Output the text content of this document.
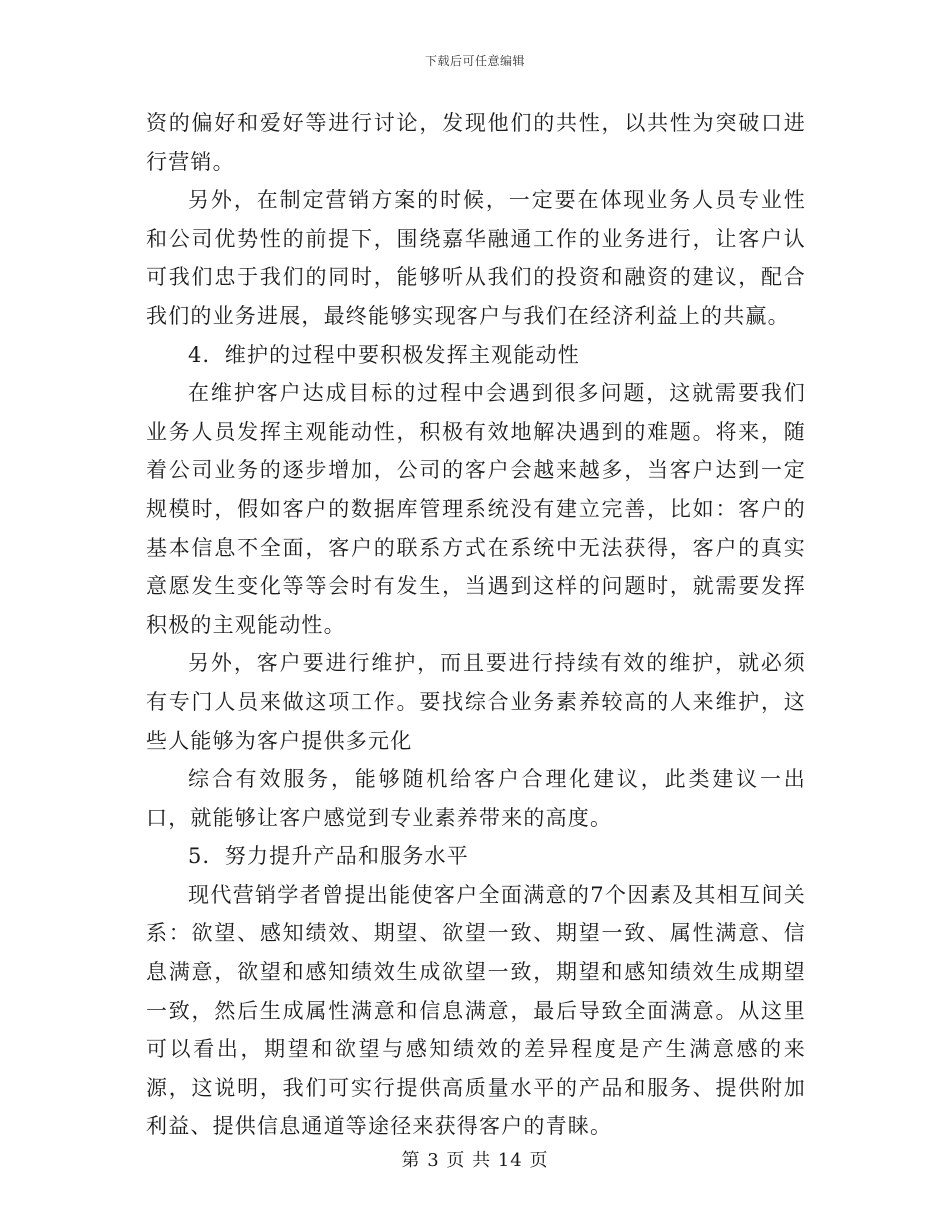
下载后可任意编辑

资的偏好和爱好等进行讨论，发现他们的共性，以共性为突破口进行营销。

另外，在制定营销方案的时候，一定要在体现业务人员专业性和公司优势性的前提下，围绕嘉华融通工作的业务进行，让客户认可我们忠于我们的同时，能够听从我们的投资和融资的建议，配合我们的业务进展，最终能够实现客户与我们在经济利益上的共赢。

4．维护的过程中要积极发挥主观能动性

在维护客户达成目标的过程中会遇到很多问题，这就需要我们业务人员发挥主观能动性，积极有效地解决遇到的难题。将来，随着公司业务的逐步增加，公司的客户会越来越多，当客户达到一定规模时，假如客户的数据库管理系统没有建立完善，比如：客户的基本信息不全面，客户的联系方式在系统中无法获得，客户的真实意愿发生变化等等会时有发生，当遇到这样的问题时，就需要发挥积极的主观能动性。

另外，客户要进行维护，而且要进行持续有效的维护，就必须有专门人员来做这项工作。要找综合业务素养较高的人来维护，这些人能够为客户提供多元化

综合有效服务，能够随机给客户合理化建议，此类建议一出口，就能够让客户感觉到专业素养带来的高度。

5．努力提升产品和服务水平

现代营销学者曾提出能使客户全面满意的7个因素及其相互间关系：欲望、感知绩效、期望、欲望一致、期望一致、属性满意、信息满意，欲望和感知绩效生成欲望一致，期望和感知绩效生成期望一致，然后生成属性满意和信息满意，最后导致全面满意。从这里可以看出，期望和欲望与感知绩效的差异程度是产生满意感的来源，这说明，我们可实行提供高质量水平的产品和服务、提供附加利益、提供信息通道等途径来获得客户的青睐。

第 3 页 共 14 页
